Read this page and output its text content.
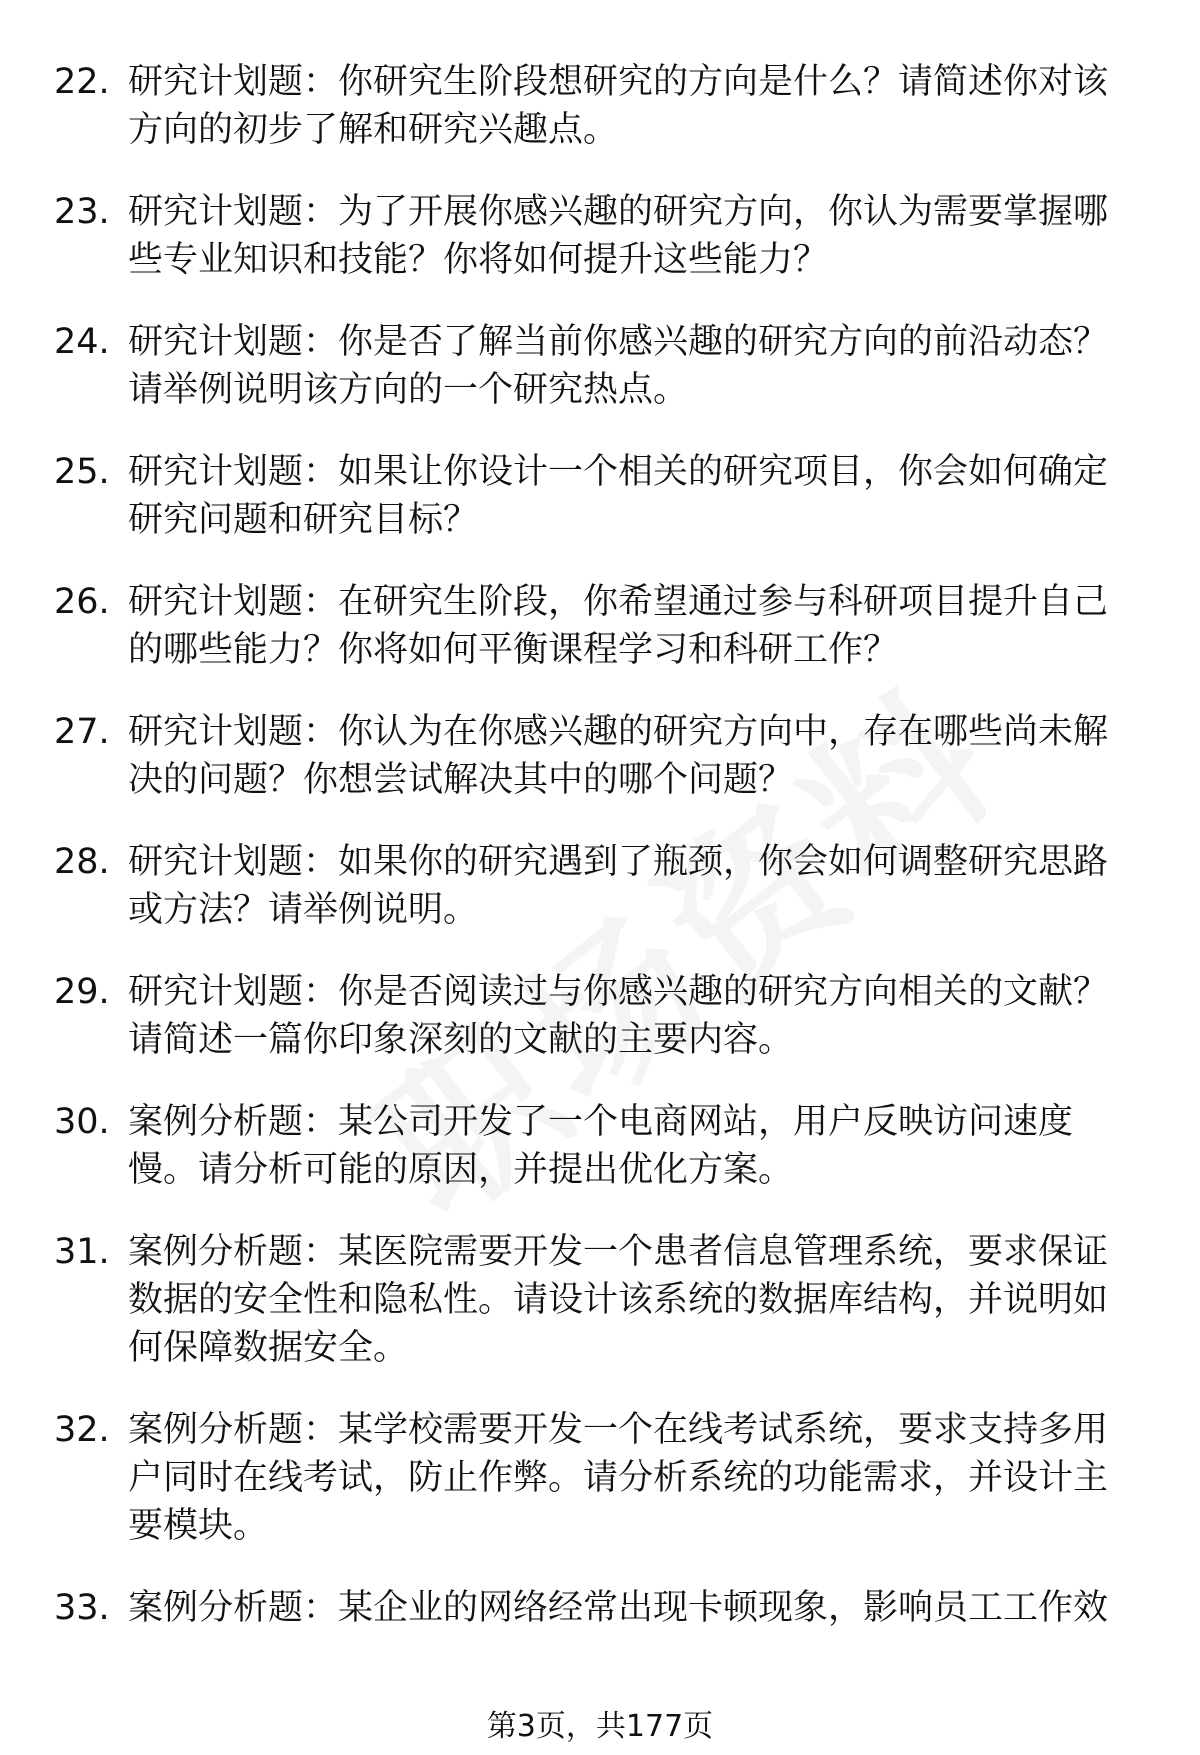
22. 研究计划题：你研究生阶段想研究的方向是什么？请简述你对该方向的初步了解和研究兴趣点。
23. 研究计划题：为了开展你感兴趣的研究方向，你认为需要掌握哪些专业知识和技能？你将如何提升这些能力？
24. 研究计划题：你是否了解当前你感兴趣的研究方向的前沿动态？请举例说明该方向的一个研究热点。
25. 研究计划题：如果让你设计一个相关的研究项目，你会如何确定研究问题和研究目标？
26. 研究计划题：在研究生阶段，你希望通过参与科研项目提升自己的哪些能力？你将如何平衡课程学习和科研工作？
27. 研究计划题：你认为在你感兴趣的研究方向中，存在哪些尚未解决的问题？你想尝试解决其中的哪个问题？
28. 研究计划题：如果你的研究遇到了瓶颈，你会如何调整研究思路或方法？请举例说明。
29. 研究计划题：你是否阅读过与你感兴趣的研究方向相关的文献？请简述一篇你印象深刻的文献的主要内容。
30. 案例分析题：某公司开发了一个电商网站，用户反映访问速度慢。请分析可能的原因，并提出优化方案。
31. 案例分析题：某医院需要开发一个患者信息管理系统，要求保证数据的安全性和隐私性。请设计该系统的数据库结构，并说明如何保障数据安全。
32. 案例分析题：某学校需要开发一个在线考试系统，要求支持多用户同时在线考试，防止作弊。请分析系统的功能需求，并设计主要模块。
33. 案例分析题：某企业的网络经常出现卡顿现象，影响员工工作效
第3页，共177页
